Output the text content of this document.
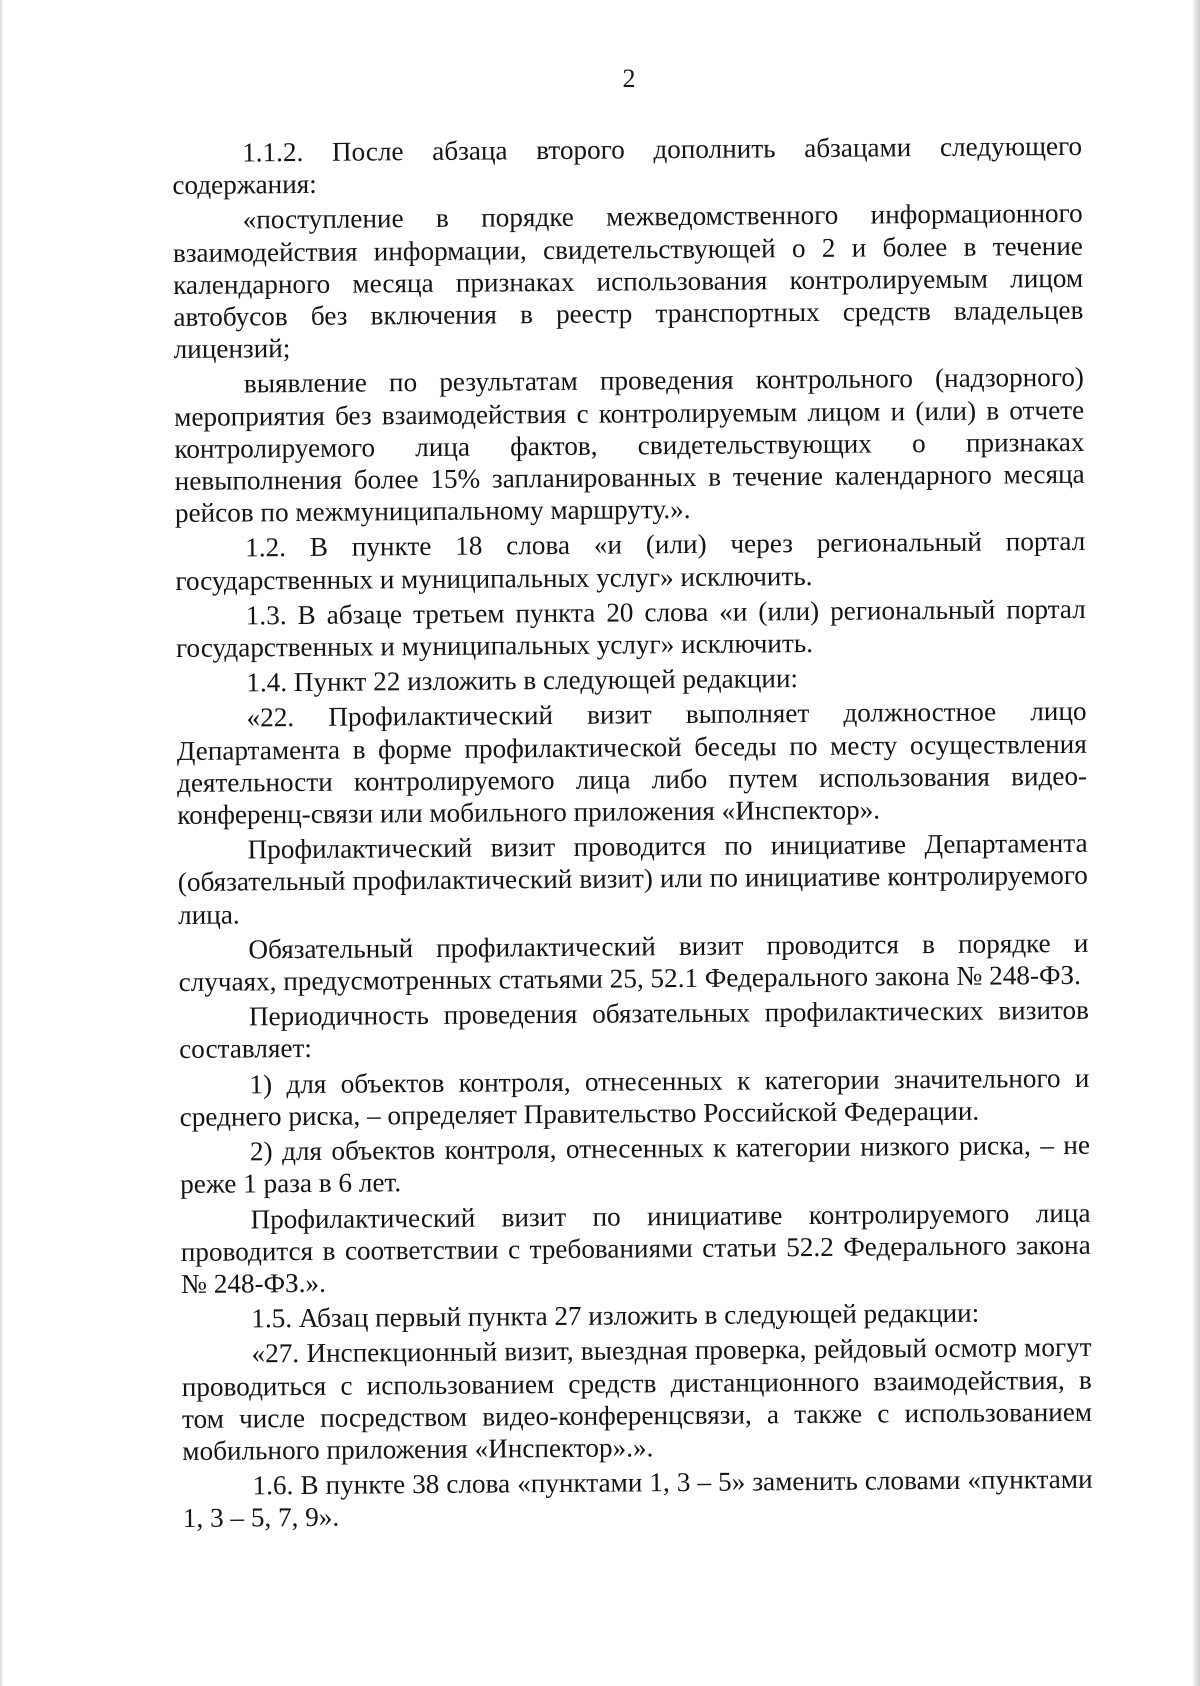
2

1.1.2. После абзаца второго дополнить абзацами следующего содержания:

«поступление в порядке межведомственного информационного взаимодействия информации, свидетельствующей о 2 и более в течение календарного месяца признаках использования контролируемым лицом автобусов без включения в реестр транспортных средств владельцев лицензий;

выявление по результатам проведения контрольного (надзорного) мероприятия без взаимодействия с контролируемым лицом и (или) в отчете контролируемого лица фактов, свидетельствующих о признаках невыполнения более 15% запланированных в течение календарного месяца рейсов по межмуниципальному маршруту.».

1.2. В пункте 18 слова «и (или) через региональный портал государственных и муниципальных услуг» исключить.

1.3. В абзаце третьем пункта 20 слова «и (или) региональный портал государственных и муниципальных услуг» исключить.

1.4. Пункт 22 изложить в следующей редакции:

«22. Профилактический визит выполняет должностное лицо Департамента в форме профилактической беседы по месту осуществления деятельности контролируемого лица либо путем использования видео-конференц-связи или мобильного приложения «Инспектор».

Профилактический визит проводится по инициативе Департамента (обязательный профилактический визит) или по инициативе контролируемого лица.

Обязательный профилактический визит проводится в порядке и случаях, предусмотренных статьями 25, 52.1 Федерального закона № 248-ФЗ.

Периодичность проведения обязательных профилактических визитов составляет:

1) для объектов контроля, отнесенных к категории значительного и среднего риска, – определяет Правительство Российской Федерации.

2) для объектов контроля, отнесенных к категории низкого риска, – не реже 1 раза в 6 лет.

Профилактический визит по инициативе контролируемого лица проводится в соответствии с требованиями статьи 52.2 Федерального закона № 248-ФЗ.».

1.5. Абзац первый пункта 27 изложить в следующей редакции:

«27. Инспекционный визит, выездная проверка, рейдовый осмотр могут проводиться с использованием средств дистанционного взаимодействия, в том числе посредством видео-конференцсвязи, а также с использованием мобильного приложения «Инспектор».».

1.6. В пункте 38 слова «пунктами 1, 3 – 5» заменить словами «пунктами 1, 3 – 5, 7, 9».
